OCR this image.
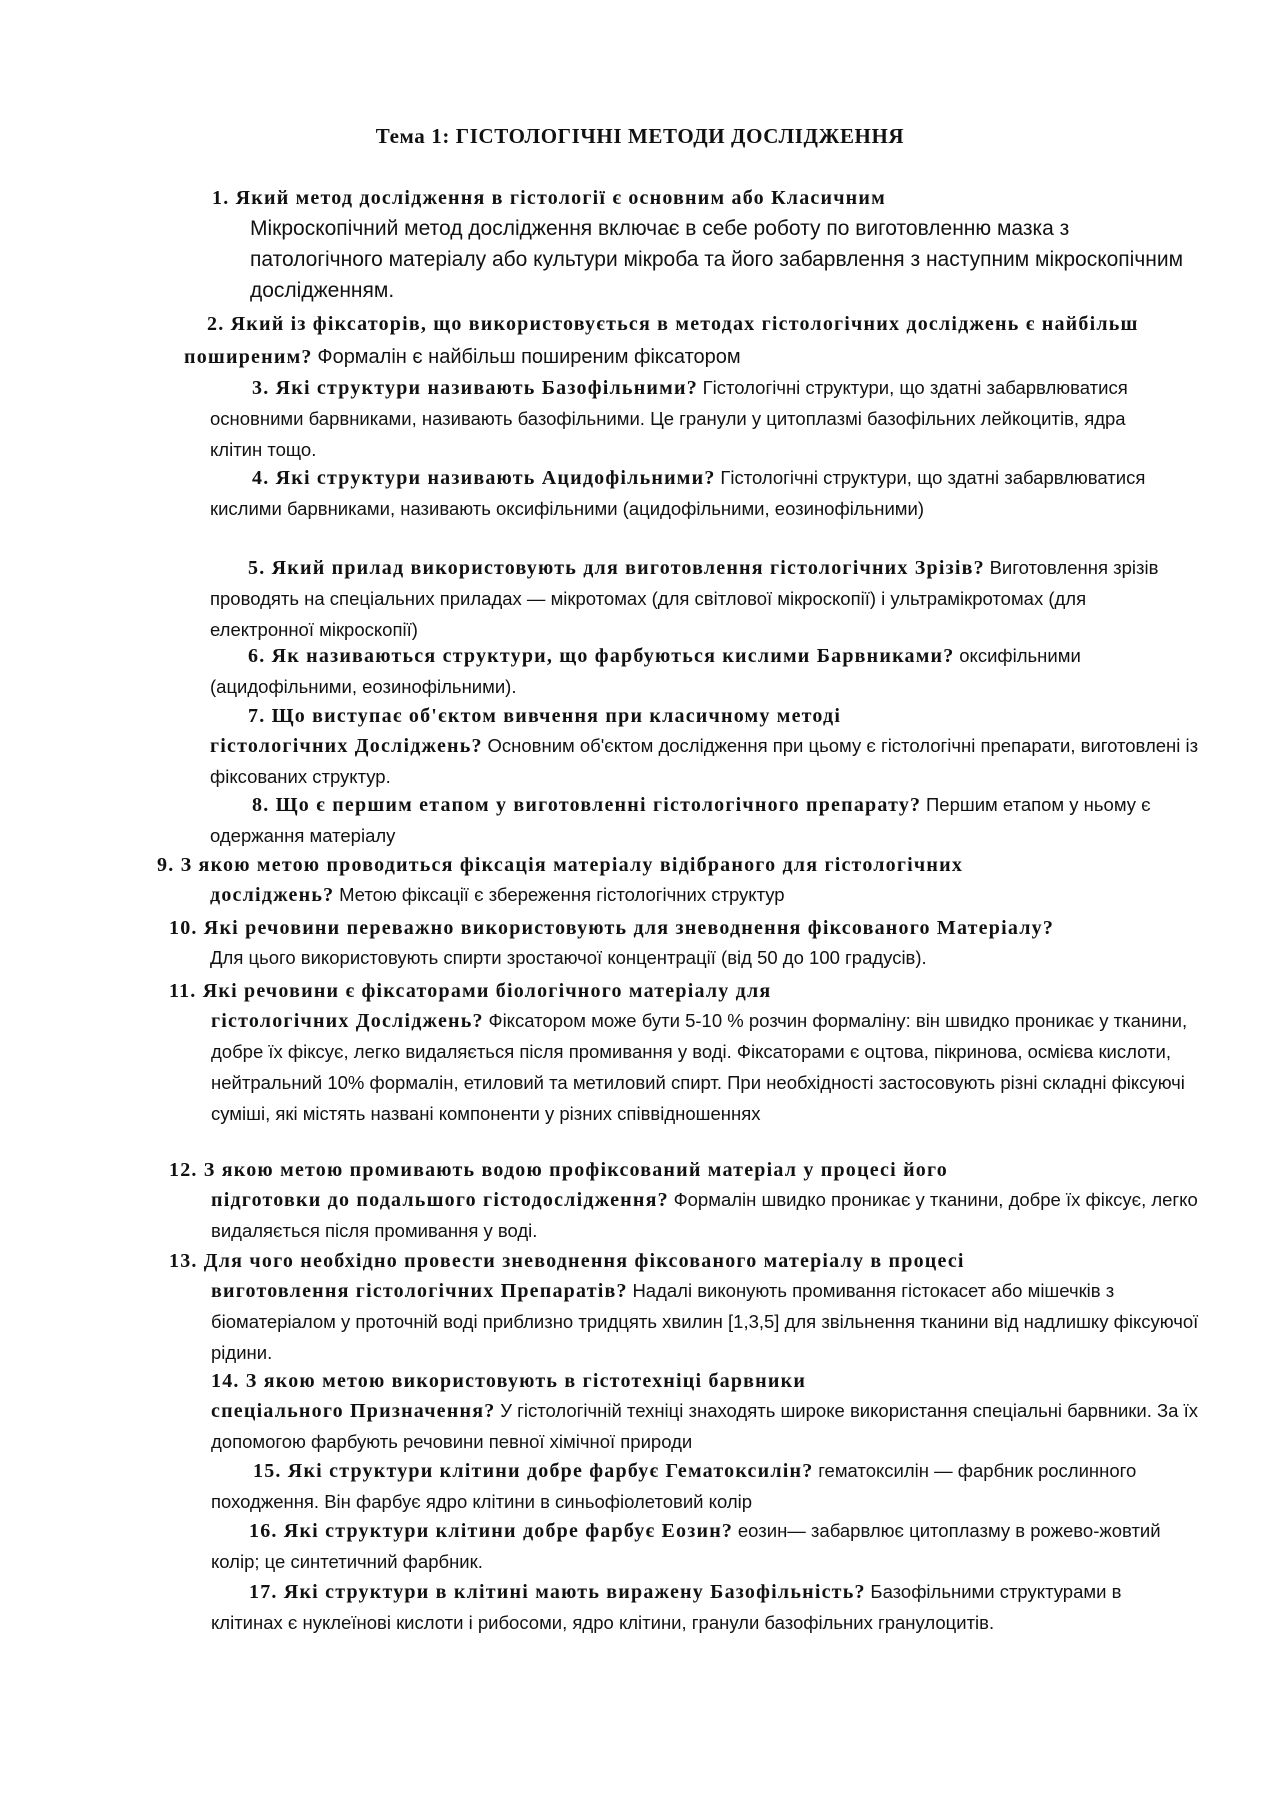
Тема 1: ГІСТОЛОГІЧНІ МЕТОДИ ДОСЛІДЖЕННЯ
1. Який метод дослідження в гістології є основним або Класичним
Мікроскопічний метод дослідження включає в себе роботу по виготовленню мазка з патологічного матеріалу або культури мікроба та його забарвлення з наступним мікроскопічним дослідженням.

2. Який із фіксаторів, що використовується в методах гістологічних досліджень є найбільш поширеним? Формалін є найбільш поширеним фіксатором

3. Які структури називають Базофільними? Гістологічні структури, що здатні забарвлюватися основними барвниками, називають базофільними. Це гранули у цитоплазмі базофільних лейкоцитів, ядра клітин тощо.

4. Які структури називають Ацидофільними? Гістологічні структури, що здатні забарвлюватися кислими барвниками, називають оксифільними (ацидофільними, еозинофільними)

5. Який прилад використовують для виготовлення гістологічних Зрізів? Виготовлення зрізів проводять на спеціальних приладах — мікротомах (для світлової мікроскопії) і ультрамікротомах (для електронної мікроскопії)

6. Як називаються структури, що фарбуються кислими Барвниками? оксифільними (ацидофільними, еозинофільними).

7. Що виступає об'єктом вивчення при класичному методі
гістологічних Досліджень? Основним об'єктом дослідження при цьому є гістологічні препарати, виготовлені із фіксованих структур.

8. Що є першим етапом у виготовленні гістологічного препарату? Першим етапом у ньому є одержання матеріалу

9. З якою метою проводиться фіксація матеріалу відібраного для гістологічних
досліджень? Метою фіксації є збереження гістологічних структур
10. Які речовини переважно використовують для зневоднення фіксованого Матеріалу?
Для цього використовують спирти зростаючої концентрації (від 50 до 100 градусів).
11. Які речовини є фіксаторами біологічного матеріалу для
гістологічних Досліджень? Фіксатором може бути 5-10 % розчин формаліну: він швидко проникає у тканини, добре їх фіксує, легко видаляється після промивання у воді. Фіксаторами є оцтова, пікринова, осмієва кислоти, нейтральний 10% формалін, етиловий та метиловий спирт. При необхідності застосовують різні складні фіксуючі суміші, які містять названі компоненти у різних співвідношеннях
12. З якою метою промивають водою профіксований матеріал у процесі його
підготовки до подальшого гістодослідження? Формалін швидко проникає у тканини, добре їх фіксує, легко видаляється після промивання у воді.
13. Для чого необхідно провести зневоднення фіксованого матеріалу в процесі
виготовлення гістологічних Препаратів? Надалі виконують промивання гістокасет або мішечків з біоматеріалом у проточній воді приблизно тридцять хвилин [1,3,5] для звільнення тканини від надлишку фіксуючої рідини.
14. З якою метою використовують в гістотехніці барвники
спеціального Призначення? У гістологічній техніці знаходять широке використання спеціальні барвники. За їх допомогою фарбують речовини певної хімічної природи

15. Які структури клітини добре фарбує Гематоксилін? гематоксилін — фарбник рослинного походження. Він фарбує ядро клітини в синьофіолетовий колір

16. Які структури клітини добре фарбує Еозин? еозин— забарвлює цитоплазму в рожево-жовтий колір; це синтетичний фарбник.

17. Які структури в клітині мають виражену Базофільність? Базофільними структурами в клітинах є нуклеїнові кислоти і рибосоми, ядро клітини, гранули базофільних гранулоцитів.
